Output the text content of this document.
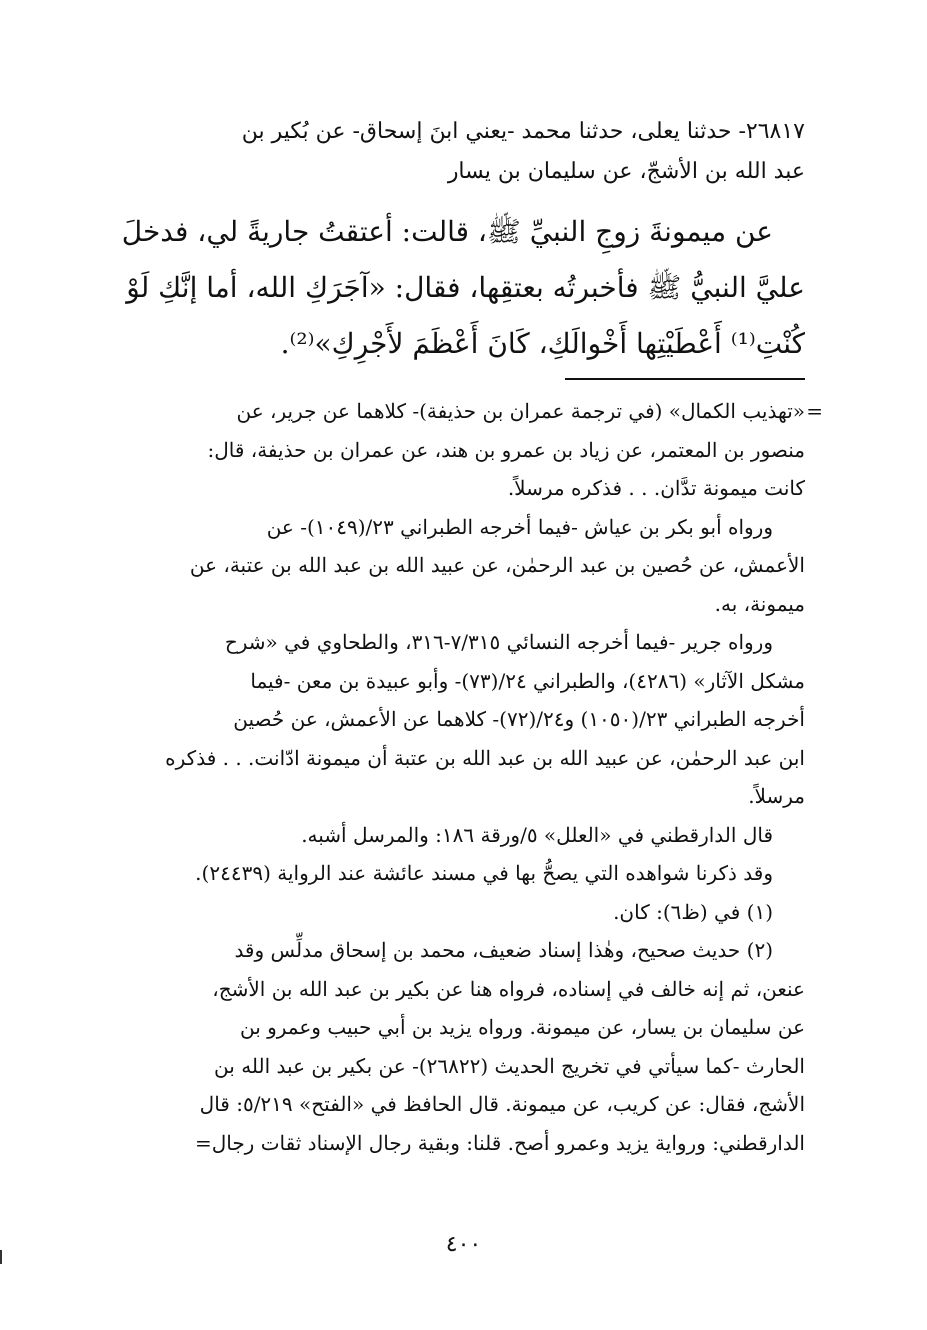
٢٦٨١٧- حدثنا يعلى، حدثنا محمد -يعني ابنَ إسحاق- عن بُكير بن
عبد الله بن الأشجّ، عن سليمان بن يسار
عن ميمونةَ زوجِ النبيِّ ﷺ، قالت: أعتقتُ جاريةً لي، فدخلَ
عليَّ النبيُّ ﷺ فأخبرتُه بعتقِها، فقال: «آجَرَكِ الله، أما إنَّكِ لَوْ
كُنْتِ⁽¹⁾ أَعْطَيْتِها أَخْوالَكِ، كَانَ أَعْظَمَ لأَجْرِكِ»⁽²⁾.
=
«تهذيب الكمال» (في ترجمة عمران بن حذيفة)- كلاهما عن جرير، عن
منصور بن المعتمر، عن زياد بن عمرو بن هند، عن عمران بن حذيفة، قال:
كانت ميمونة تدَّان. . . فذكره مرسلاً.
ورواه أبو بكر بن عياش -فيما أخرجه الطبراني ٢٣/(١٠٤٩)- عن
الأعمش، عن حُصين بن عبد الرحمٰن، عن عبيد الله بن عبد الله بن عتبة، عن
ميمونة، به.
ورواه جرير -فيما أخرجه النسائي ٧/٣١٥-٣١٦، والطحاوي في «شرح
مشكل الآثار» (٤٢٨٦)، والطبراني ٢٤/(٧٣)- وأبو عبيدة بن معن -فيما
أخرجه الطبراني ٢٣/(١٠٥٠) و٢٤/(٧٢)- كلاهما عن الأعمش، عن حُصين
ابن عبد الرحمٰن، عن عبيد الله بن عبد الله بن عتبة أن ميمونة ادّانت. . . فذكره
مرسلاً.
قال الدارقطني في «العلل» ٥/ورقة ١٨٦: والمرسل أشبه.
وقد ذكرنا شواهده التي يصحُّ بها في مسند عائشة عند الرواية (٢٤٤٣٩).
(١) في (ظ٦): كان.
(٢) حديث صحيح، وهٰذا إسناد ضعيف، محمد بن إسحاق مدلِّس وقد
عنعن، ثم إنه خالف في إسناده، فرواه هنا عن بكير بن عبد الله بن الأشج،
عن سليمان بن يسار، عن ميمونة. ورواه يزيد بن أبي حبيب وعمرو بن
الحارث -كما سيأتي في تخريج الحديث (٢٦٨٢٢)- عن بكير بن عبد الله بن
الأشج، فقال: عن كريب، عن ميمونة. قال الحافظ في «الفتح» ٥/٢١٩: قال
الدارقطني: ورواية يزيد وعمرو أصح. قلنا: وبقية رجال الإسناد ثقات رجال=
٤٠٠
